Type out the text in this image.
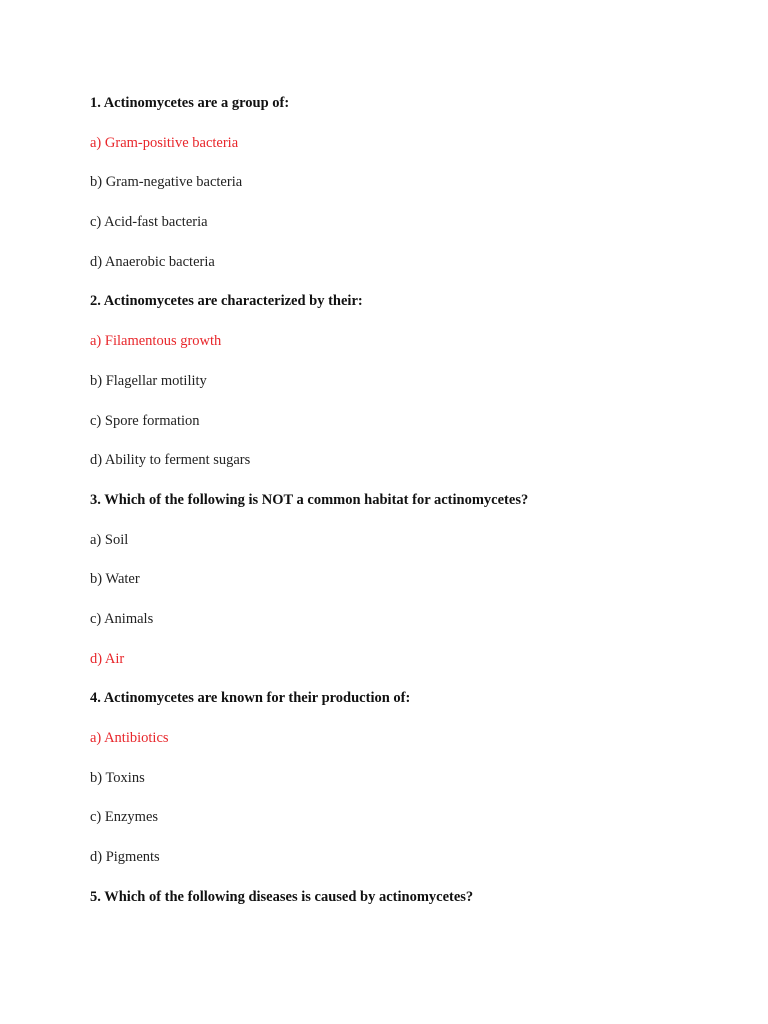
1. Actinomycetes are a group of:
a) Gram-positive bacteria
b) Gram-negative bacteria
c) Acid-fast bacteria
d) Anaerobic bacteria
2. Actinomycetes are characterized by their:
a) Filamentous growth
b) Flagellar motility
c) Spore formation
d) Ability to ferment sugars
3. Which of the following is NOT a common habitat for actinomycetes?
a) Soil
b) Water
c) Animals
d) Air
4. Actinomycetes are known for their production of:
a) Antibiotics
b) Toxins
c) Enzymes
d) Pigments
5. Which of the following diseases is caused by actinomycetes?
